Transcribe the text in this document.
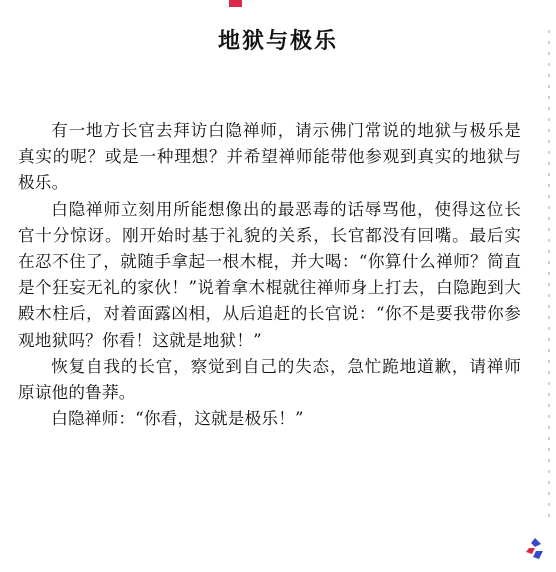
地狱与极乐

有一地方长官去拜访白隐禅师，请示佛门常说的地狱与极乐是真实的呢？或是一种理想？并希望禅师能带他参观到真实的地狱与极乐。

白隐禅师立刻用所能想像出的最恶毒的话辱骂他，使得这位长官十分惊讶。刚开始时基于礼貌的关系，长官都没有回嘴。最后实在忍不住了，就随手拿起一根木棍，并大喝：“你算什么禅师？简直是个狂妄无礼的家伙！”说着拿木棍就往禅师身上打去，白隐跑到大殿木柱后，对着面露凶相，从后追赶的长官说：“你不是要我带你参观地狱吗？你看！这就是地狱！”

恢复自我的长官，察觉到自己的失态，急忙跪地道歉，请禅师原谅他的鲁莽。

白隐禅师：“你看，这就是极乐！”
